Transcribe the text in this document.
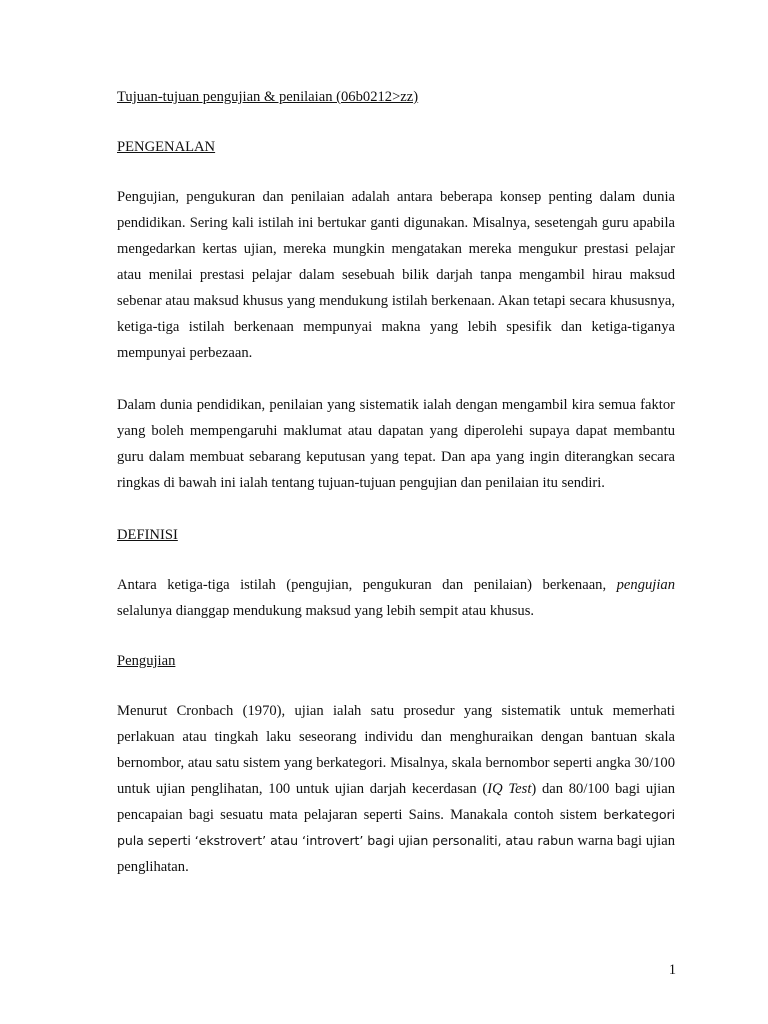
Tujuan-tujuan pengujian & penilaian (06b0212>zz)

PENGENALAN

Pengujian, pengukuran dan penilaian adalah antara beberapa konsep penting dalam dunia pendidikan. Sering kali istilah ini bertukar ganti digunakan. Misalnya, sesetengah guru apabila mengedarkan kertas ujian, mereka mungkin mengatakan mereka mengukur prestasi pelajar atau menilai prestasi pelajar dalam sesebuah bilik darjah tanpa mengambil hirau maksud sebenar atau maksud khusus yang mendukung istilah berkenaan. Akan tetapi secara khususnya, ketiga-tiga istilah berkenaan mempunyai makna yang lebih spesifik dan ketiga-tiganya mempunyai perbezaan.

Dalam dunia pendidikan, penilaian yang sistematik ialah dengan mengambil kira semua faktor yang boleh mempengaruhi maklumat atau dapatan yang diperolehi supaya dapat membantu guru dalam membuat sebarang keputusan yang tepat. Dan apa yang ingin diterangkan secara ringkas di bawah ini ialah tentang tujuan-tujuan pengujian dan penilaian itu sendiri.

DEFINISI

Antara ketiga-tiga istilah (pengujian, pengukuran dan penilaian) berkenaan, pengujian selalunya dianggap mendukung maksud yang lebih sempit atau khusus.

Pengujian

Menurut Cronbach (1970), ujian ialah satu prosedur yang sistematik untuk memerhati perlakuan atau tingkah laku seseorang individu dan menghuraikan dengan bantuan skala bernombor, atau satu sistem yang berkategori. Misalnya, skala bernombor seperti angka 30/100 untuk ujian penglihatan, 100 untuk ujian darjah kecerdasan (IQ Test) dan 80/100 bagi ujian pencapaian bagi sesuatu mata pelajaran seperti Sains. Manakala contoh sistem berkategori pula seperti ‘ekstrovert’ atau ‘introvert’ bagi ujian personaliti, atau rabun warna bagi ujian penglihatan.

1
